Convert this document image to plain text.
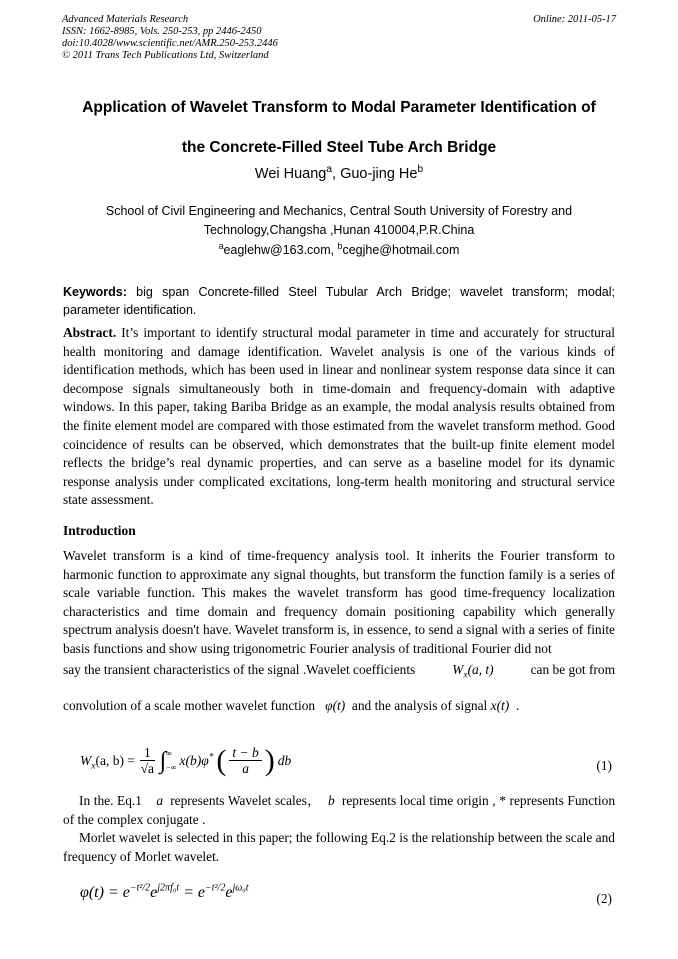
Advanced Materials Research
ISSN: 1662-8985, Vols. 250-253, pp 2446-2450
doi:10.4028/www.scientific.net/AMR.250-253.2446
© 2011 Trans Tech Publications Ltd, Switzerland
Online: 2011-05-17
Application of Wavelet Transform to Modal Parameter Identification of
the Concrete-Filled Steel Tube Arch Bridge
Wei Huang$^a$, Guo-jing He$^b$
School of Civil Engineering and Mechanics, Central South University of Forestry and
Technology,Changsha ,Hunan 410004,P.R.China
$^a$eaglehw@163.com, $^b$cegjhe@hotmail.com
Keywords: big span Concrete-filled Steel Tubular Arch Bridge; wavelet transform; modal; parameter identification.
Abstract. It’s important to identify structural modal parameter in time and accurately for structural health monitoring and damage identification. Wavelet analysis is one of the various kinds of identification methods, which has been used in linear and nonlinear system response data since it can decompose signals simultaneously both in time-domain and frequency-domain with adaptive windows. In this paper, taking Bariba Bridge as an example, the modal analysis results obtained from the finite element model are compared with those estimated from the wavelet transform method. Good coincidence of results can be observed, which demonstrates that the built-up finite element model reflects the bridge’s real dynamic properties, and can serve as a baseline model for its dynamic response analysis under complicated excitations, long-term health monitoring and structural service state assessment.
Introduction
Wavelet transform is a kind of time-frequency analysis tool. It inherits the Fourier transform to harmonic function to approximate any signal thoughts, but transform the function family is a series of scale variable function. This makes the wavelet transform has good time-frequency localization characteristics and time domain and frequency domain positioning capability which generally spectrum analysis doesn't have. Wavelet transform is, in essence, to send a signal with a series of finite basis functions and show using trigonometric Fourier analysis of traditional Fourier did not
say the transient characteristics of the signal .Wavelet coefficients	$W_x(a$, t)	can be got from
convolution of a scale mother wavelet function φ(t) and the analysis of signal x(t) .
$W_x(a$, $b) = \frac{1}{√a}$ ∫ ∞
−∞ x(b)φ* ( $\frac{t - b}{a}$ ) db	(1)
In the. Eq.1 a represents Wavelet scales， b represents local time origin , * represents Function of the complex conjugate .
Morlet wavelet is selected in this paper; the following Eq.2 is the relationship between the scale and frequency of Morlet wavelet.
$\varphi(t) = e^{-t^2/2}e^{j2\pi f_0t} = e^{-t^2/2}e^{j\omega_0t}$
(2)
